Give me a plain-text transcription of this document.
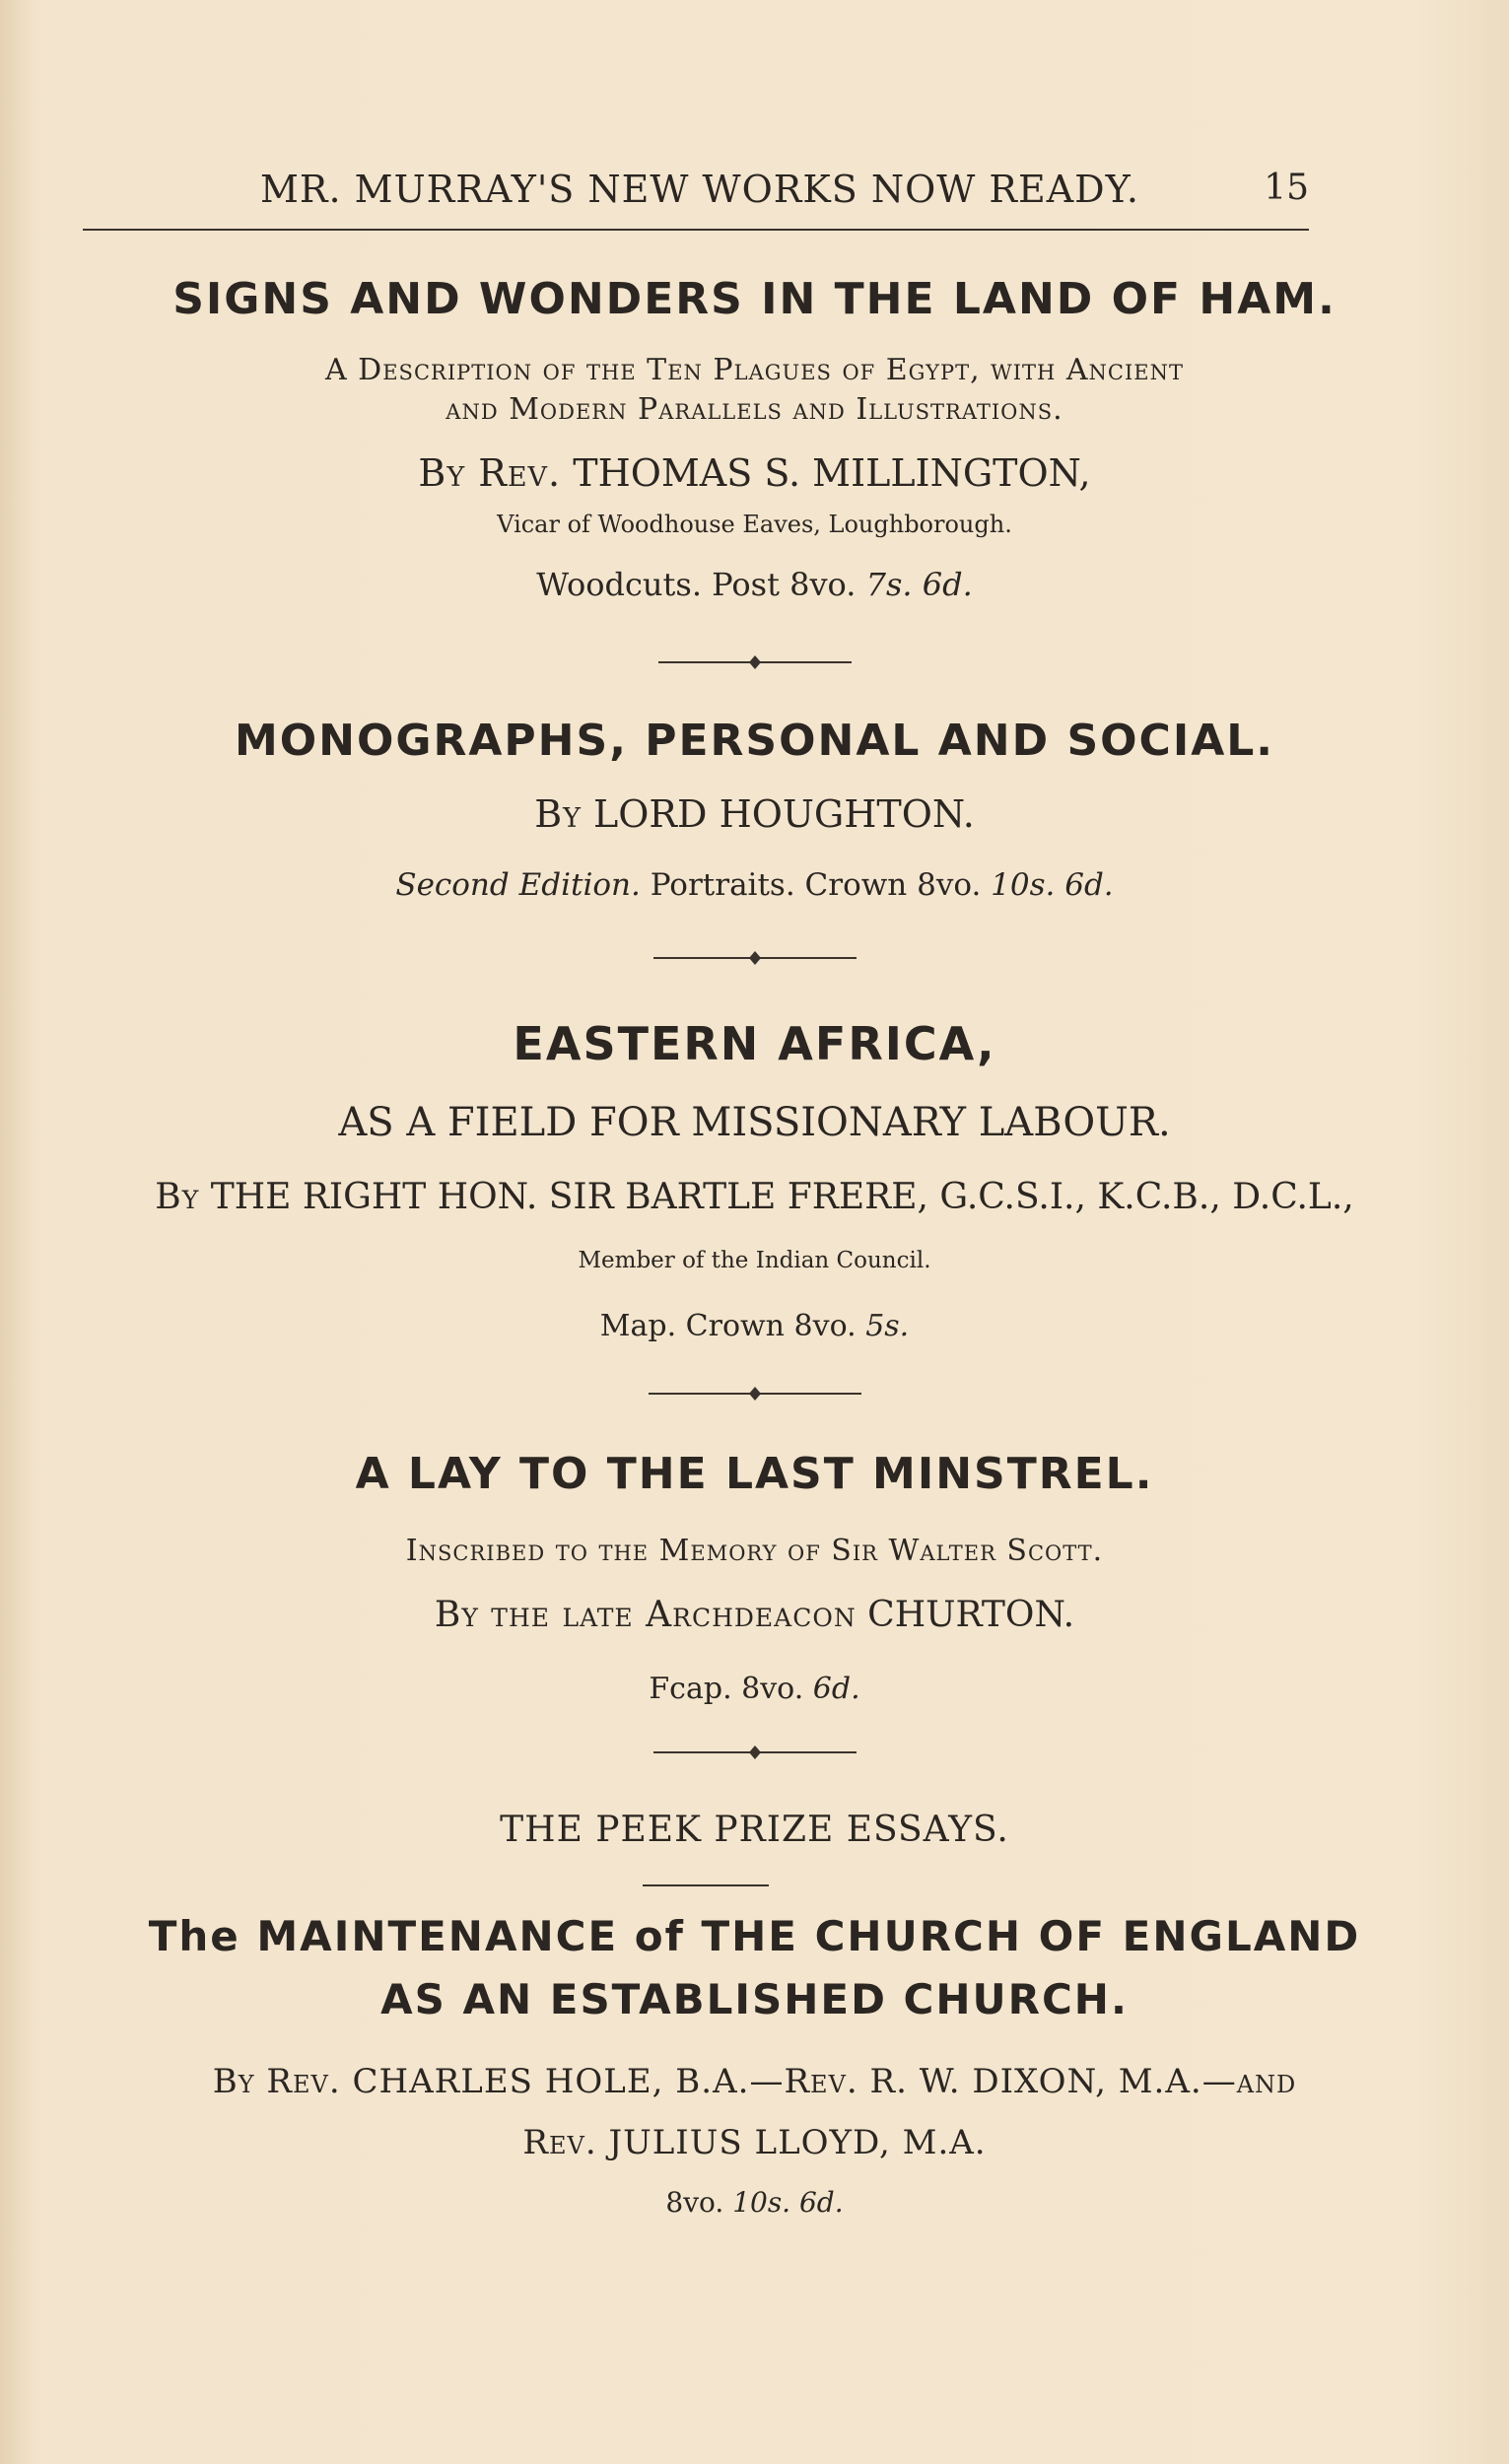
MR. MURRAY'S NEW WORKS NOW READY.	15
SIGNS AND WONDERS IN THE LAND OF HAM.
A Description of the Ten Plagues of Egypt, with Ancient
and Modern Parallels and Illustrations.
By Rev. THOMAS S. MILLINGTON,
Vicar of Woodhouse Eaves, Loughborough.
Woodcuts. Post 8vo. 7s. 6d.
MONOGRAPHS, PERSONAL AND SOCIAL.
By LORD HOUGHTON.
Second Edition. Portraits. Crown 8vo. 10s. 6d.
EASTERN AFRICA,
AS A FIELD FOR MISSIONARY LABOUR.
By THE RIGHT HON. SIR BARTLE FRERE, G.C.S.I., K.C.B., D.C.L.,
Member of the Indian Council.
Map. Crown 8vo. 5s.
A LAY TO THE LAST MINSTREL.
Inscribed to the Memory of Sir Walter Scott.
By the late Archdeacon CHURTON.
Fcap. 8vo. 6d.
THE PEEK PRIZE ESSAYS.
The MAINTENANCE of THE CHURCH OF ENGLAND
AS AN ESTABLISHED CHURCH.
By Rev. CHARLES HOLE, B.A.—Rev. R. W. DIXON, M.A.—and
Rev. JULIUS LLOYD, M.A.
8vo. 10s. 6d.
